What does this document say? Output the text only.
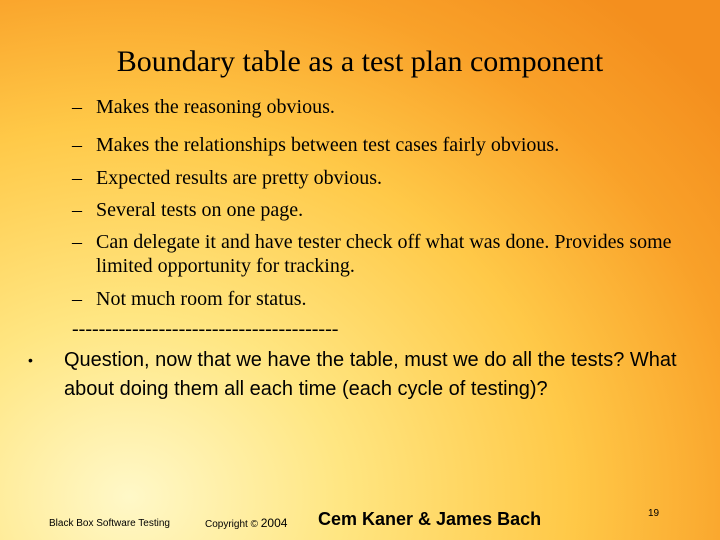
Boundary table as a test plan component
– Makes the reasoning obvious.
– Makes the relationships between test cases fairly obvious.
– Expected results are pretty obvious.
– Several tests on one page.
– Can delegate it and have tester check off what was done. Provides some limited opportunity for tracking.
– Not much room for status.
----------------------------------------
• Question, now that we have the table, must we do all the tests? What about doing them all each time (each cycle of testing)?
Black Box Software Testing	Copyright © 2004 Cem Kaner & James Bach	19
